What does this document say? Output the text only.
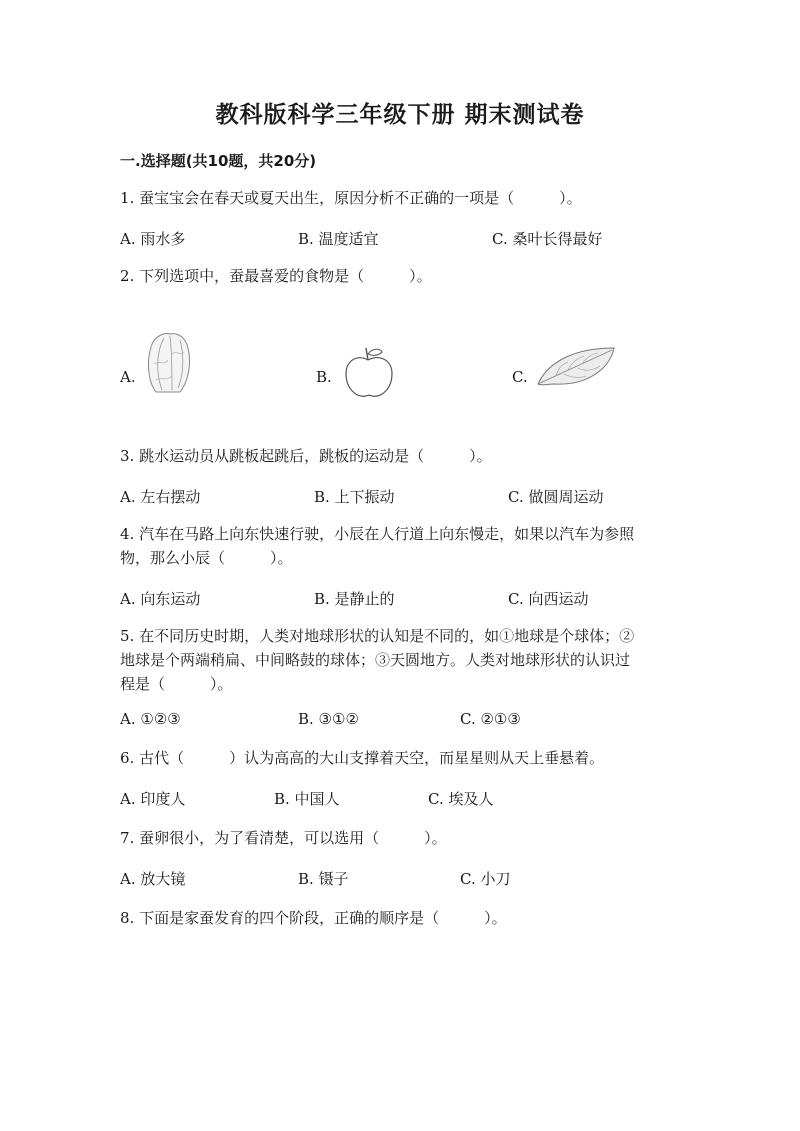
教科版科学三年级下册 期末测试卷
一.选择题(共10题，共20分)
1. 蚕宝宝会在春天或夏天出生，原因分析不正确的一项是（　　　）。
A. 雨水多	B. 温度适宜	C. 桑叶长得最好
2. 下列选项中，蚕最喜爱的食物是（　　　）。
A.	B.	C.
3. 跳水运动员从跳板起跳后，跳板的运动是（　　　）。
A. 左右摆动	B. 上下振动	C. 做圆周运动
4. 汽车在马路上向东快速行驶，小辰在人行道上向东慢走，如果以汽车为参照
物，那么小辰（　　　）。
A. 向东运动	B. 是静止的	C. 向西运动
5. 在不同历史时期，人类对地球形状的认知是不同的，如①地球是个球体；②
地球是个两端稍扁、中间略鼓的球体；③天圆地方。人类对地球形状的认识过
程是（　　　）。
A. ①②③	B. ③①②	C. ②①③
6. 古代（　　　）认为高高的大山支撑着天空，而星星则从天上垂悬着。
A. 印度人	B. 中国人	C. 埃及人
7. 蚕卵很小，为了看清楚，可以选用（　　　）。
A. 放大镜	B. 镊子	C. 小刀
8. 下面是家蚕发育的四个阶段，正确的顺序是（　　　）。
